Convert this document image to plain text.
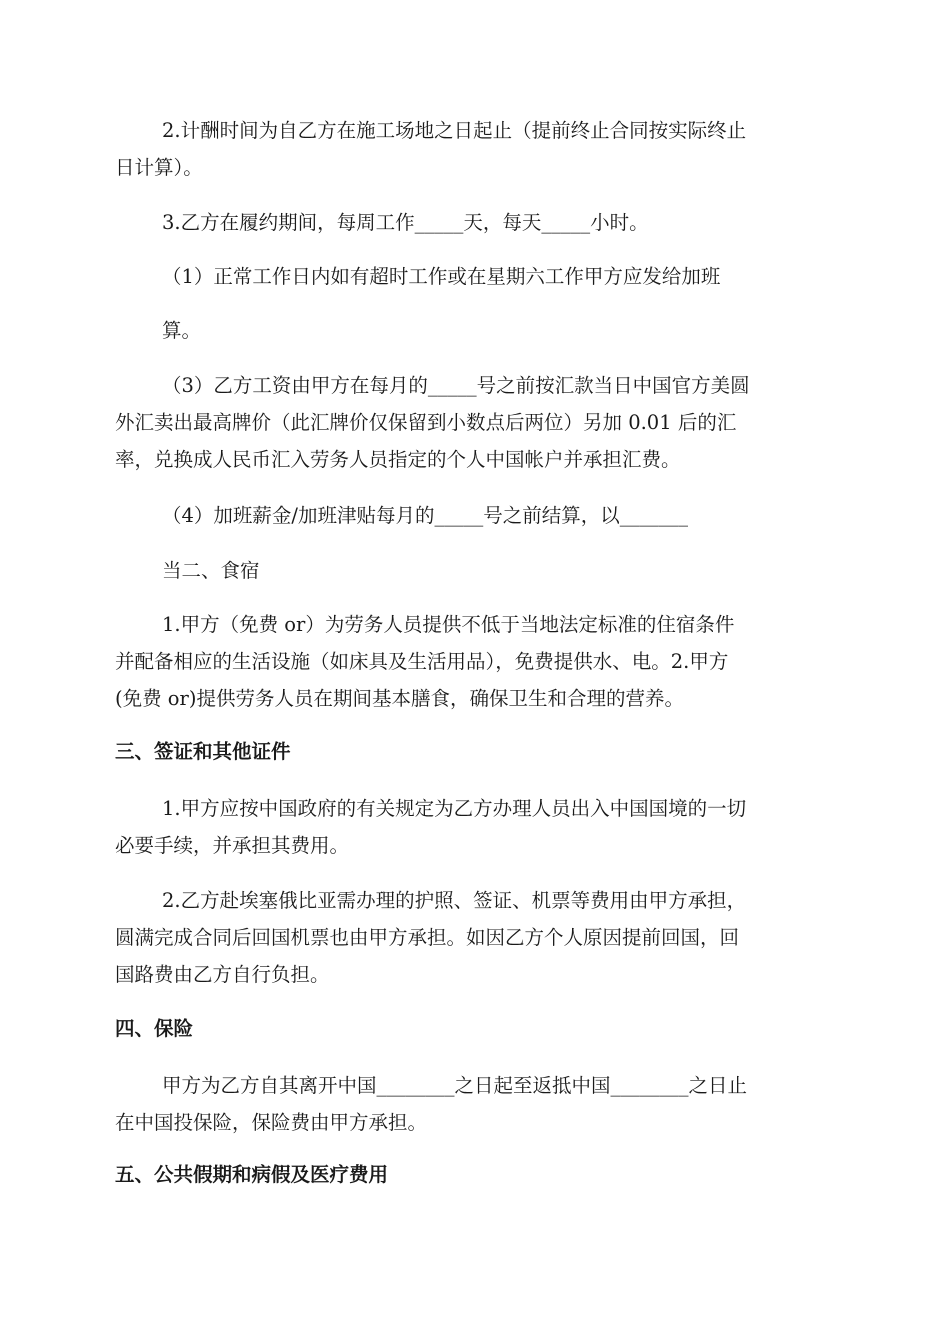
2.计酬时间为自乙方在施工场地之日起止（提前终止合同按实际终止
日计算）。
3.乙方在履约期间，每周工作_____天，每天_____小时。
（1）正常工作日内如有超时工作或在星期六工作甲方应发给加班
算。
（3）乙方工资由甲方在每月的_____号之前按汇款当日中国官方美圆
外汇卖出最高牌价（此汇牌价仅保留到小数点后两位）另加 0.01 后的汇
率，兑换成人民币汇入劳务人员指定的个人中国帐户并承担汇费。
（4）加班薪金/加班津贴每月的_____号之前结算，以_______
当二、食宿
1.甲方（免费 or）为劳务人员提供不低于当地法定标准的住宿条件
并配备相应的生活设施（如床具及生活用品），免费提供水、电。2.甲方
(免费 or)提供劳务人员在期间基本膳食，确保卫生和合理的营养。
三、签证和其他证件
1.甲方应按中国政府的有关规定为乙方办理人员出入中国国境的一切
必要手续，并承担其费用。
2.乙方赴埃塞俄比亚需办理的护照、签证、机票等费用由甲方承担，
圆满完成合同后回国机票也由甲方承担。如因乙方个人原因提前回国，回
国路费由乙方自行负担。
四、保险
甲方为乙方自其离开中国________之日起至返抵中国________之日止
在中国投保险，保险费由甲方承担。
五、公共假期和病假及医疗费用
